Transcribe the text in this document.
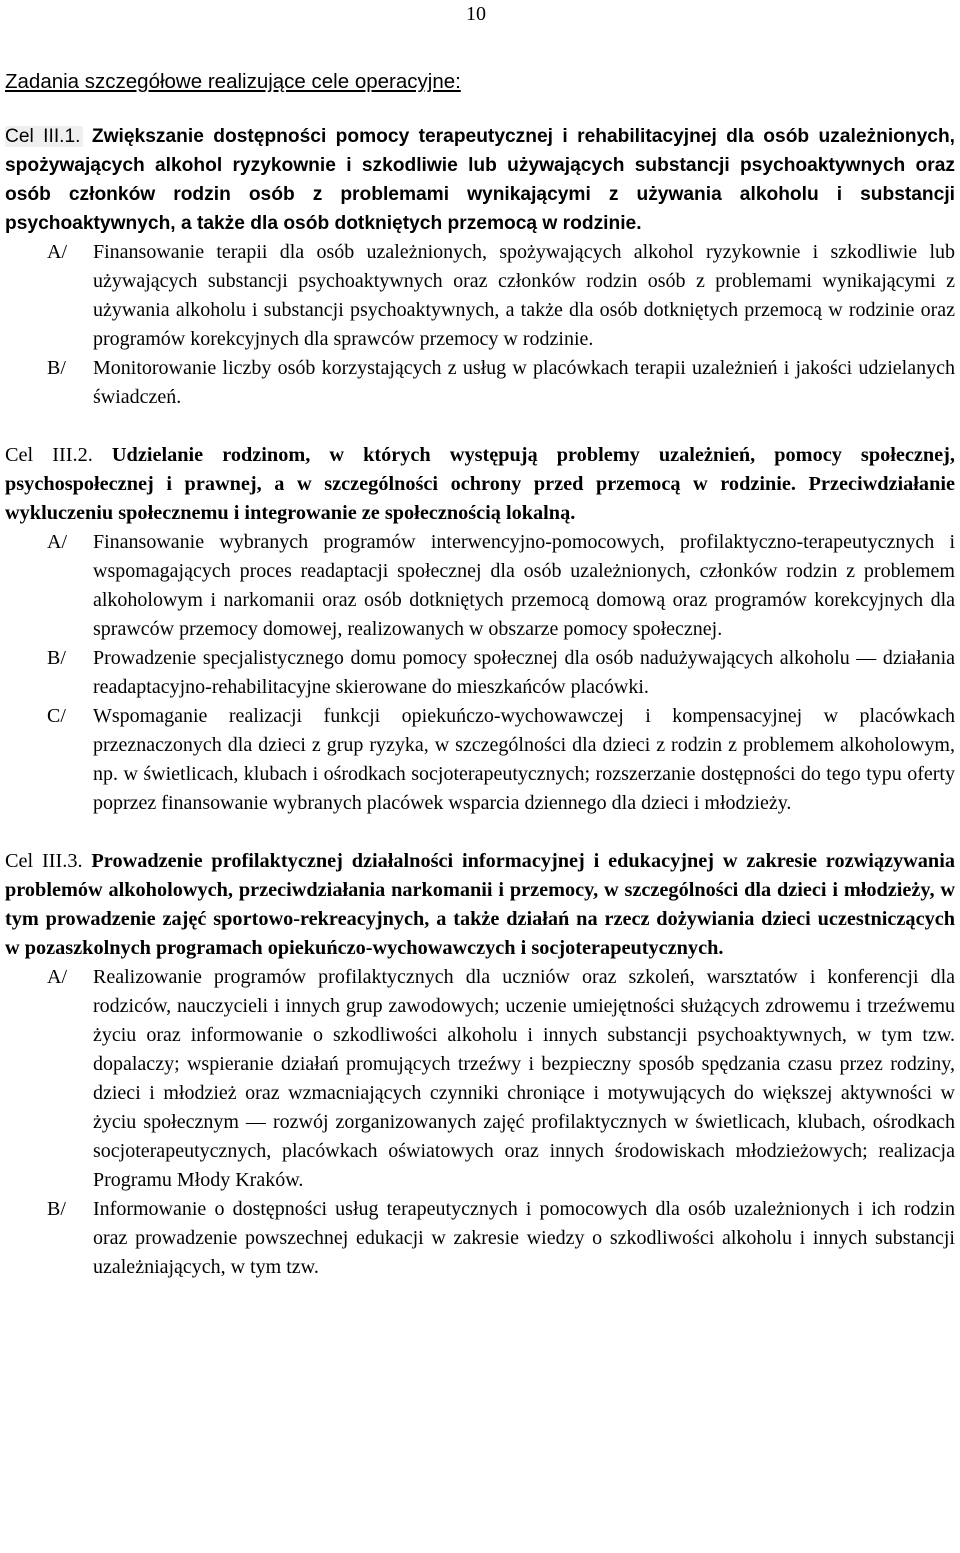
10
Zadania szczegółowe realizujące cele operacyjne:

Cel III.1. Zwiększanie dostępności pomocy terapeutycznej i rehabilitacyjnej dla osób uzależnionych, spożywających alkohol ryzykownie i szkodliwie lub używających substancji psychoaktywnych oraz osób członków rodzin osób z problemami wynikającymi z używania alkoholu i substancji psychoaktywnych, a także dla osób dotkniętych przemocą w rodzinie.

A/ Finansowanie terapii dla osób uzależnionych, spożywających alkohol ryzykownie i szkodliwie lub używających substancji psychoaktywnych oraz członków rodzin osób z problemami wynikającymi z używania alkoholu i substancji psychoaktywnych, a także dla osób dotkniętych przemocą w rodzinie oraz programów korekcyjnych dla sprawców przemocy w rodzinie.
B/ Monitorowanie liczby osób korzystających z usług w placówkach terapii uzależnień i jakości udzielanych świadczeń.

Cel III.2. Udzielanie rodzinom, w których występują problemy uzależnień, pomocy społecznej, psychospołecznej i prawnej, a w szczególności ochrony przed przemocą w rodzinie. Przeciwdziałanie wykluczeniu społecznemu i integrowanie ze społecznością lokalną.

A/ Finansowanie wybranych programów interwencyjno-pomocowych, profilaktyczno-terapeutycznych i wspomagających proces readaptacji społecznej dla osób uzależnionych, członków rodzin z problemem alkoholowym i narkomanii oraz osób dotkniętych przemocą domową oraz programów korekcyjnych dla sprawców przemocy domowej, realizowanych w obszarze pomocy społecznej.
B/ Prowadzenie specjalistycznego domu pomocy społecznej dla osób nadużywających alkoholu — działania readaptacyjno-rehabilitacyjne skierowane do mieszkańców placówki.
C/ Wspomaganie realizacji funkcji opiekuńczo-wychowawczej i kompensacyjnej w placówkach przeznaczonych dla dzieci z grup ryzyka, w szczególności dla dzieci z rodzin z problemem alkoholowym, np. w świetlicach, klubach i ośrodkach socjoterapeutycznych; rozszerzanie dostępności do tego typu oferty poprzez finansowanie wybranych placówek wsparcia dziennego dla dzieci i młodzieży.

Cel III.3. Prowadzenie profilaktycznej działalności informacyjnej i edukacyjnej w zakresie rozwiązywania problemów alkoholowych, przeciwdziałania narkomanii i przemocy, w szczególności dla dzieci i młodzieży, w tym prowadzenie zajęć sportowo-rekreacyjnych, a także działań na rzecz dożywiania dzieci uczestniczących w pozaszkolnych programach opiekuńczo-wychowawczych i socjoterapeutycznych.

A/ Realizowanie programów profilaktycznych dla uczniów oraz szkoleń, warsztatów i konferencji dla rodziców, nauczycieli i innych grup zawodowych; uczenie umiejętności służących zdrowemu i trzeźwemu życiu oraz informowanie o szkodliwości alkoholu i innych substancji psychoaktywnych, w tym tzw. dopalaczy; wspieranie działań promujących trzeźwy i bezpieczny sposób spędzania czasu przez rodziny, dzieci i młodzież oraz wzmacniających czynniki chroniące i motywujących do większej aktywności w życiu społecznym — rozwój zorganizowanych zajęć profilaktycznych w świetlicach, klubach, ośrodkach socjoterapeutycznych, placówkach oświatowych oraz innych środowiskach młodzieżowych; realizacja Programu Młody Kraków.
B/ Informowanie o dostępności usług terapeutycznych i pomocowych dla osób uzależnionych i ich rodzin oraz prowadzenie powszechnej edukacji w zakresie wiedzy o szkodliwości alkoholu i innych substancji uzależniających, w tym tzw.
